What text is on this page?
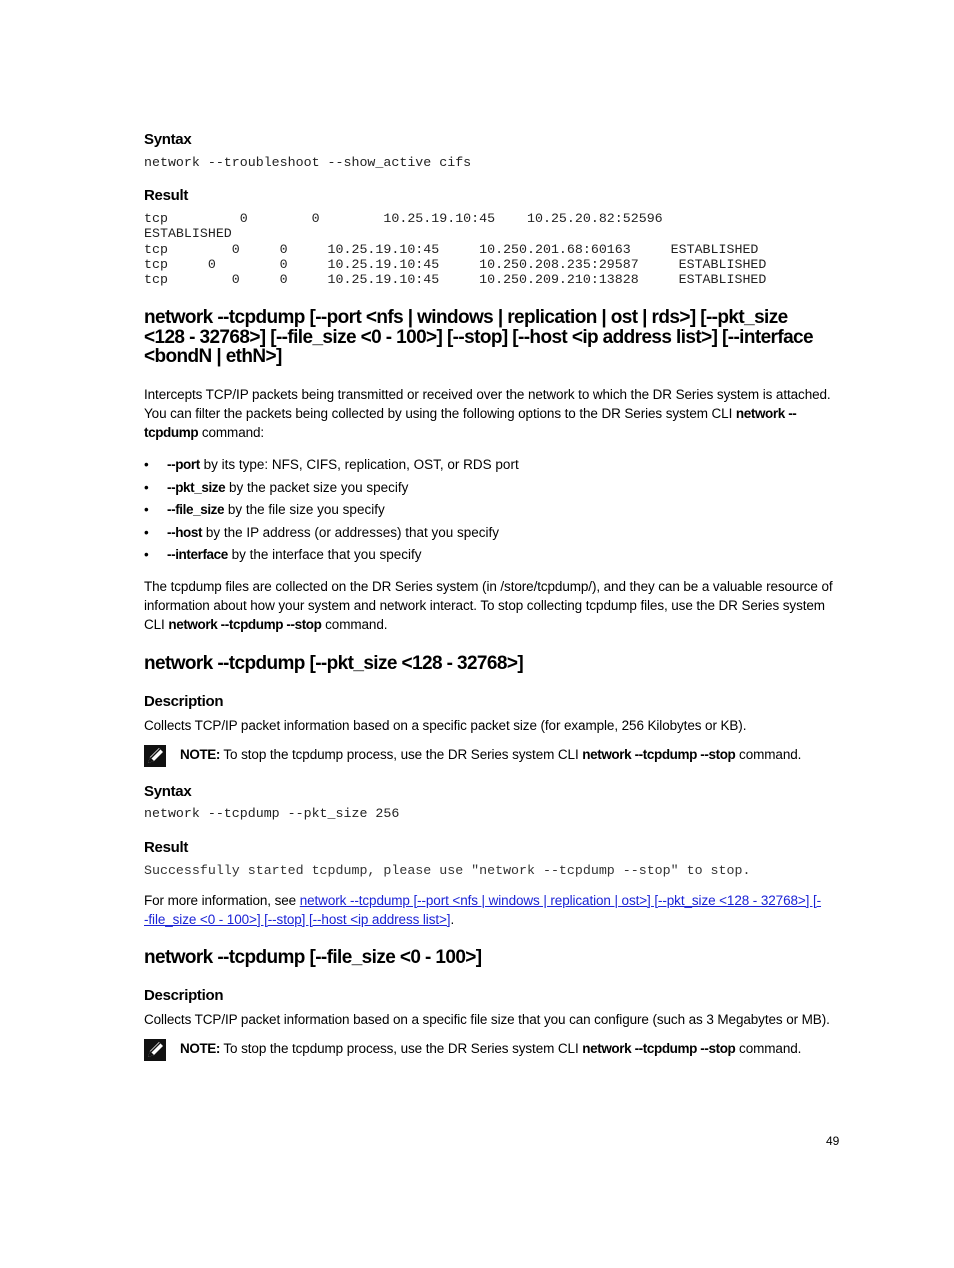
Syntax
network --troubleshoot --show_active cifs
Result
tcp         0        0        10.25.19.10:45    10.25.20.82:52596
ESTABLISHED
tcp        0     0     10.25.19.10:45     10.250.201.68:60163     ESTABLISHED
tcp     0        0     10.25.19.10:45     10.250.208.235:29587     ESTABLISHED
tcp        0     0     10.25.19.10:45     10.250.209.210:13828     ESTABLISHED
network --tcpdump [--port <nfs | windows | replication | ost | rds>] [--pkt_size <128 - 32768>] [--file_size <0 - 100>] [--stop] [--host <ip address list>] [--interface <bondN | ethN>]
Intercepts TCP/IP packets being transmitted or received over the network to which the DR Series system is attached. You can filter the packets being collected by using the following options to the DR Series system CLI network --tcpdump command:
• --port by its type: NFS, CIFS, replication, OST, or RDS port
• --pkt_size by the packet size you specify
• --file_size by the file size you specify
• --host by the IP address (or addresses) that you specify
• --interface by the interface that you specify
The tcpdump files are collected on the DR Series system (in /store/tcpdump/), and they can be a valuable resource of information about how your system and network interact. To stop collecting tcpdump files, use the DR Series system CLI network --tcpdump --stop command.
network --tcpdump [--pkt_size <128 - 32768>]
Description
Collects TCP/IP packet information based on a specific packet size (for example, 256 Kilobytes or KB).
NOTE: To stop the tcpdump process, use the DR Series system CLI network --tcpdump --stop command.
Syntax
network --tcpdump --pkt_size 256
Result
Successfully started tcpdump, please use "network --tcpdump --stop" to stop.
For more information, see network --tcpdump [--port <nfs | windows | replication | ost>] [--pkt_size <128 - 32768>] [--file_size <0 - 100>] [--stop] [--host <ip address list>].
network --tcpdump [--file_size <0 - 100>]
Description
Collects TCP/IP packet information based on a specific file size that you can configure (such as 3 Megabytes or MB).
NOTE: To stop the tcpdump process, use the DR Series system CLI network --tcpdump --stop command.
49
